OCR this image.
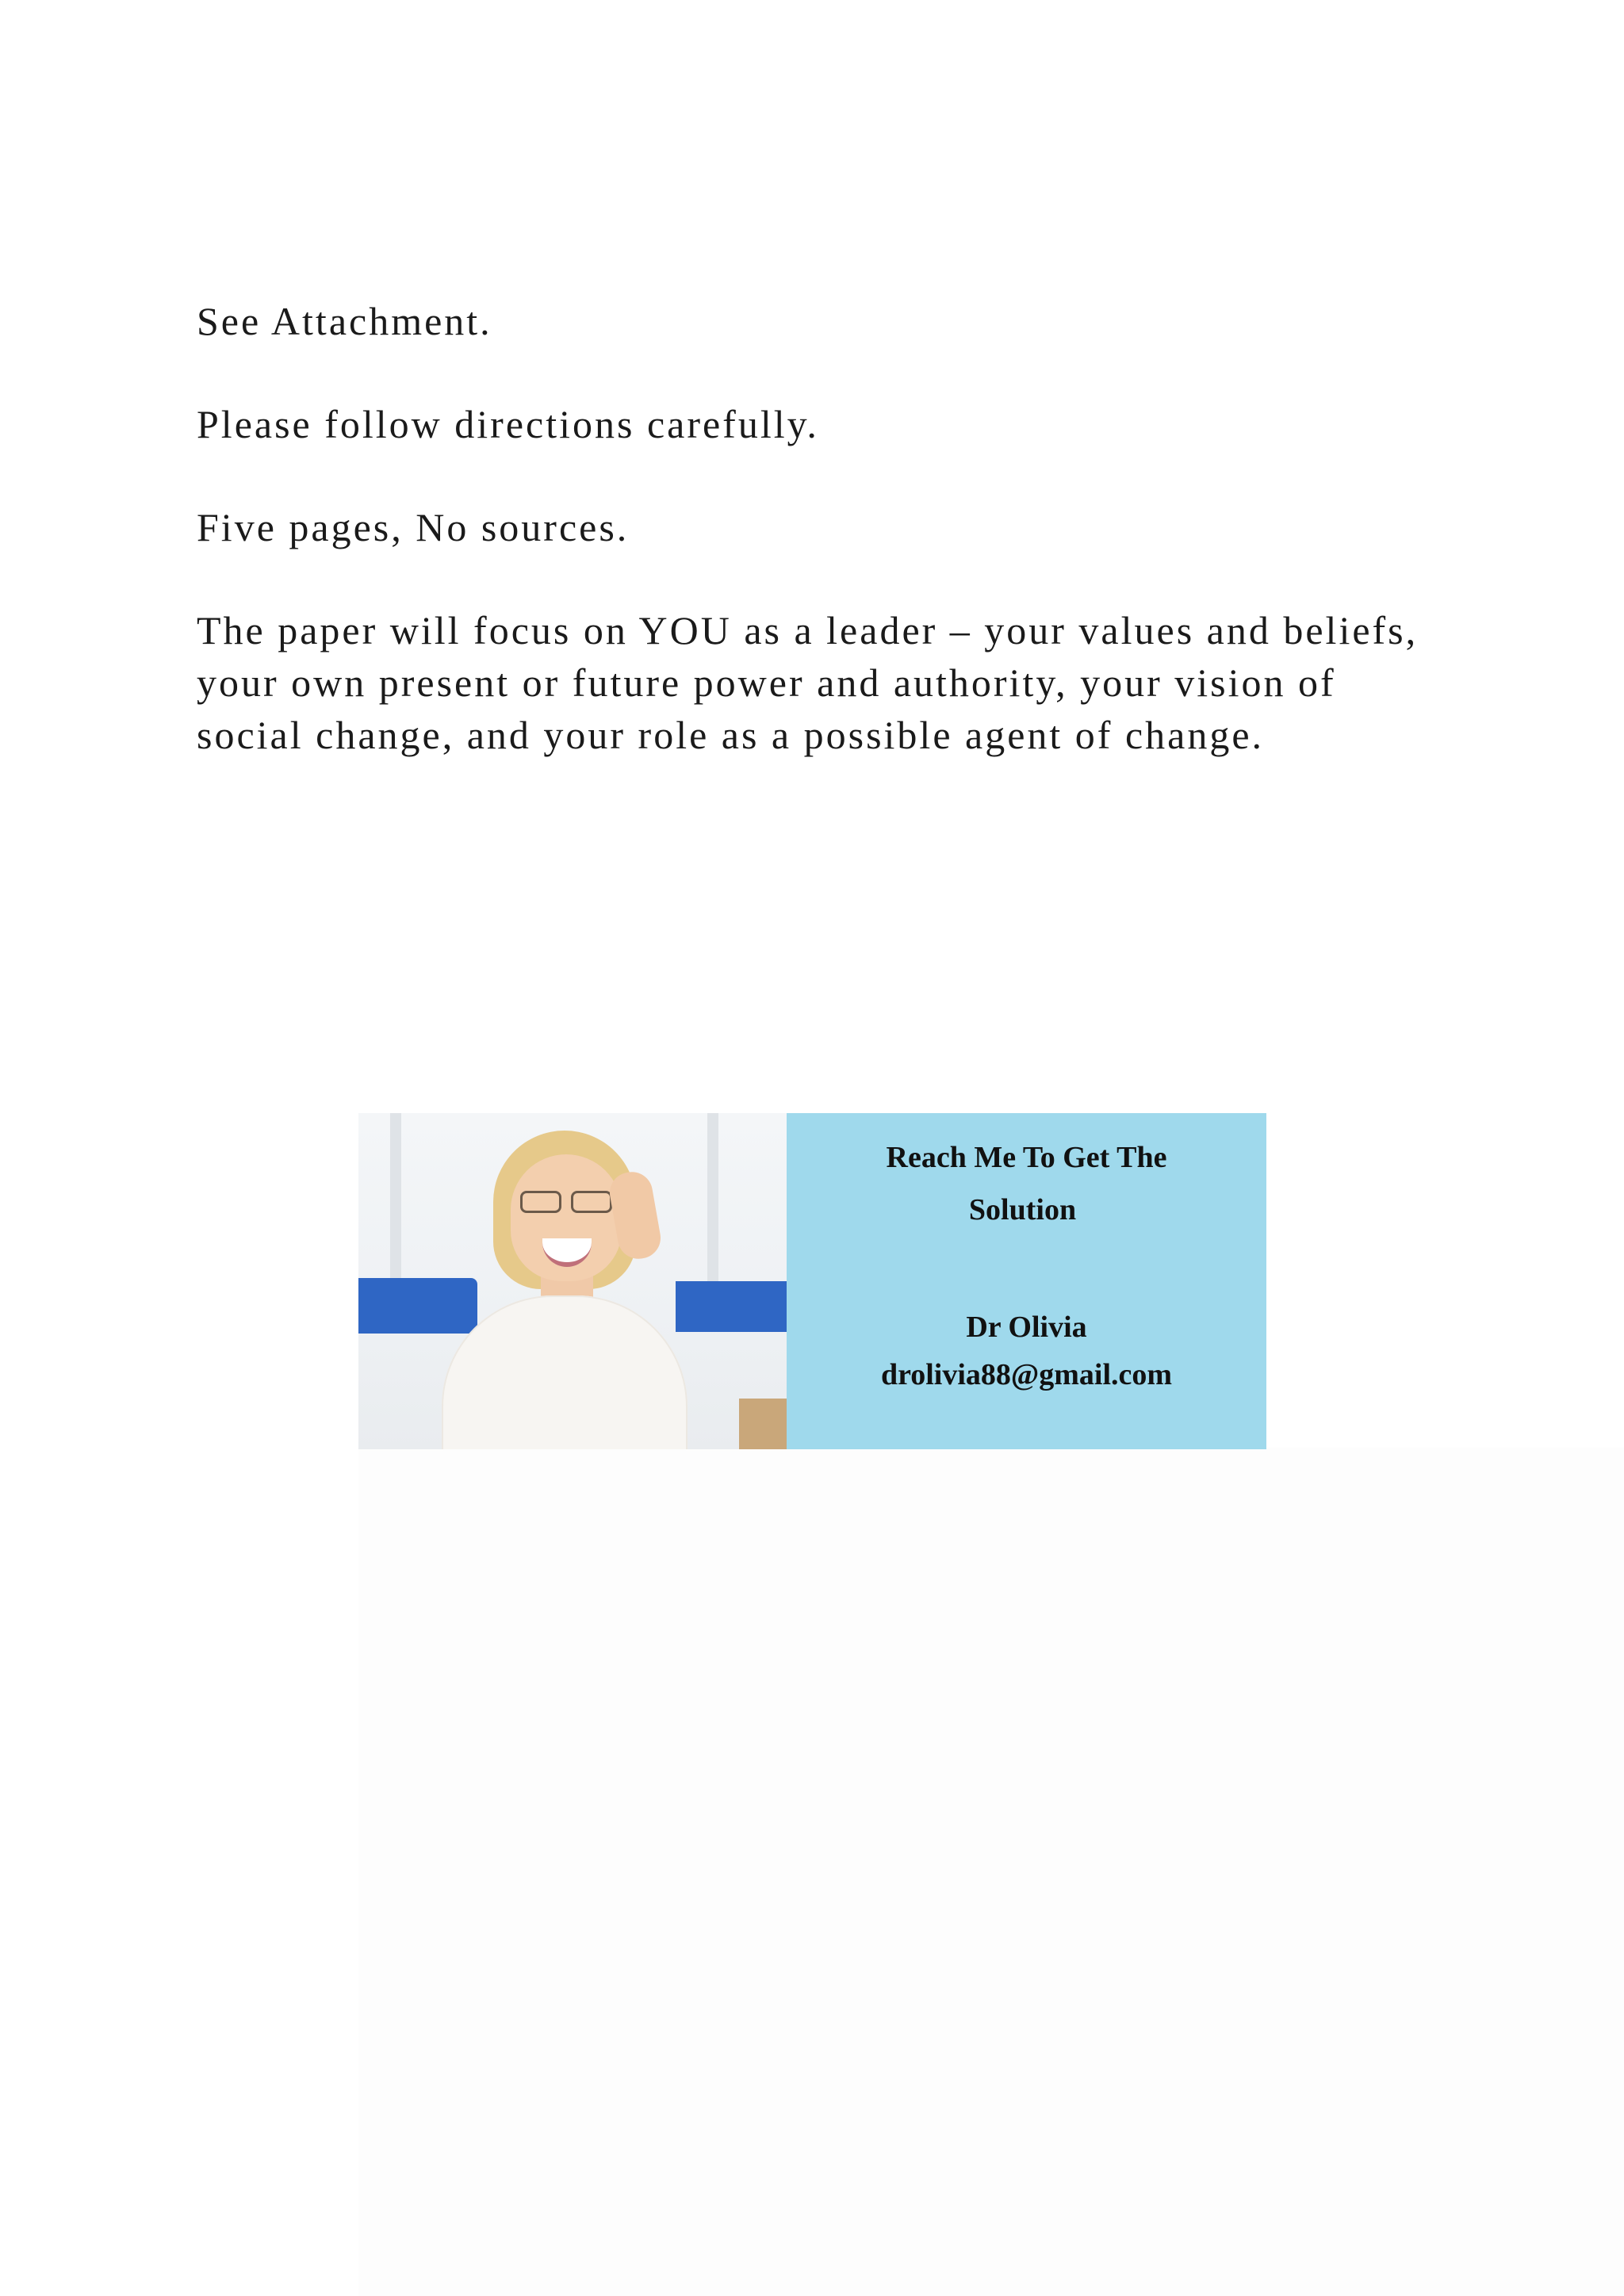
See Attachment.

Please follow directions carefully.

Five pages, No sources.

The paper will focus on YOU as a leader – your values and beliefs, your own present or future power and authority, your vision of social change, and your role as a possible agent of change.

Reach Me To Get The
Solution
Dr Olivia
drolivia88@gmail.com
